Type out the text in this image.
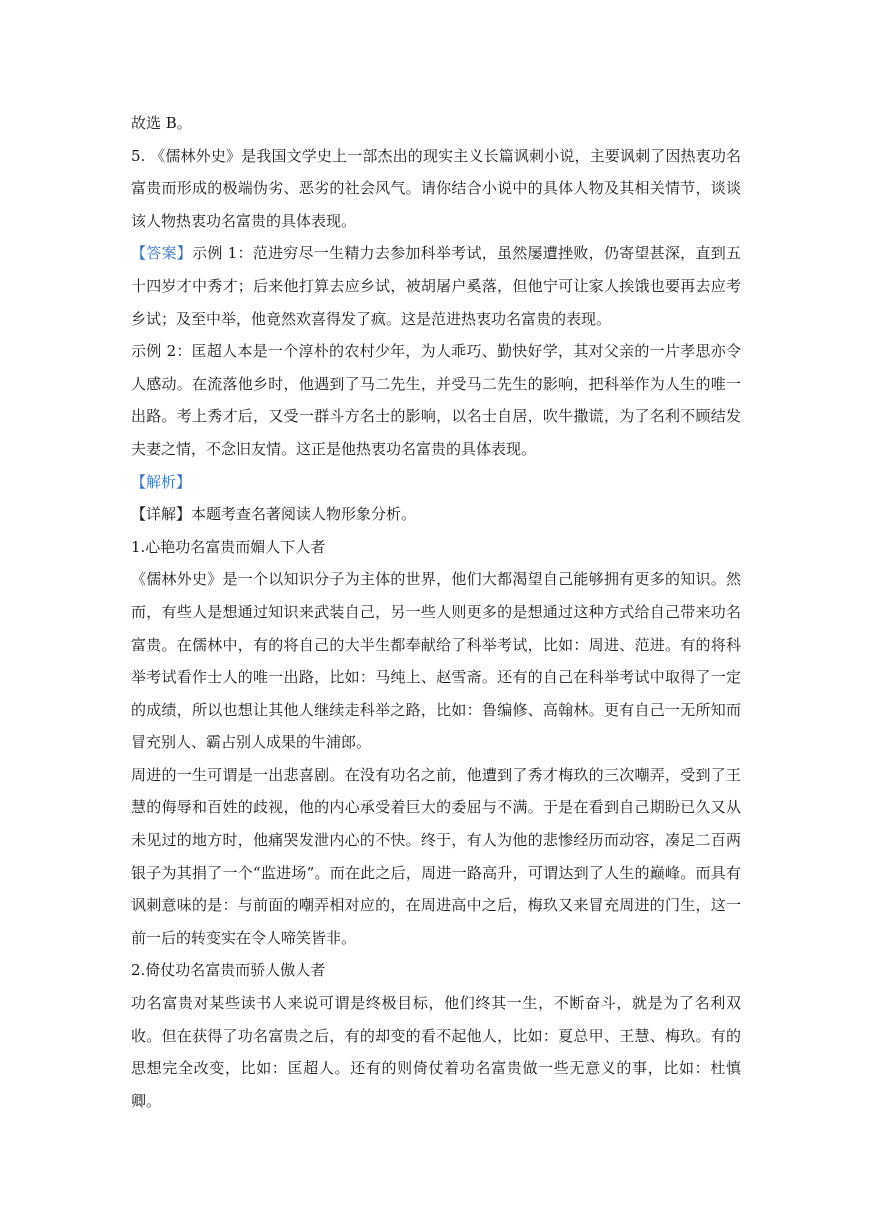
故选 B。

5. 《儒林外史》是我国文学史上一部杰出的现实主义长篇讽刺小说，主要讽刺了因热衷功名富贵而形成的极端伪劣、恶劣的社会风气。请你结合小说中的具体人物及其相关情节，谈谈该人物热衷功名富贵的具体表现。

【答案】示例 1：范进穷尽一生精力去参加科举考试，虽然屡遭挫败，仍寄望甚深，直到五十四岁才中秀才；后来他打算去应乡试，被胡屠户奚落，但他宁可让家人挨饿也要再去应考乡试；及至中举，他竟然欢喜得发了疯。这是范进热衷功名富贵的表现。

示例 2：匡超人本是一个淳朴的农村少年，为人乖巧、勤快好学，其对父亲的一片孝思亦令人感动。在流落他乡时，他遇到了马二先生，并受马二先生的影响，把科举作为人生的唯一出路。考上秀才后，又受一群斗方名士的影响，以名士自居，吹牛撒谎，为了名利不顾结发夫妻之情，不念旧友情。这正是他热衷功名富贵的具体表现。

【解析】

【详解】本题考查名著阅读人物形象分析。

1.心艳功名富贵而媚人下人者

《儒林外史》是一个以知识分子为主体的世界，他们大都渴望自己能够拥有更多的知识。然而，有些人是想通过知识来武装自己，另一些人则更多的是想通过这种方式给自己带来功名富贵。在儒林中，有的将自己的大半生都奉献给了科举考试，比如：周进、范进。有的将科举考试看作士人的唯一出路，比如：马纯上、赵雪斋。还有的自己在科举考试中取得了一定的成绩，所以也想让其他人继续走科举之路，比如：鲁编修、高翰林。更有自己一无所知而冒充别人、霸占别人成果的牛浦郎。

周进的一生可谓是一出悲喜剧。在没有功名之前，他遭到了秀才梅玖的三次嘲弄，受到了王慧的侮辱和百姓的歧视，他的内心承受着巨大的委屈与不满。于是在看到自己期盼已久又从未见过的地方时，他痛哭发泄内心的不快。终于，有人为他的悲惨经历而动容，凑足二百两银子为其捐了一个“监进场”。而在此之后，周进一路高升，可谓达到了人生的巅峰。而具有讽刺意味的是：与前面的嘲弄相对应的，在周进高中之后，梅玖又来冒充周进的门生，这一前一后的转变实在令人啼笑皆非。

2.倚仗功名富贵而骄人傲人者

功名富贵对某些读书人来说可谓是终极目标，他们终其一生，不断奋斗，就是为了名利双收。但在获得了功名富贵之后，有的却变的看不起他人，比如：夏总甲、王慧、梅玖。有的思想完全改变，比如：匡超人。还有的则倚仗着功名富贵做一些无意义的事，比如：杜慎卿。
